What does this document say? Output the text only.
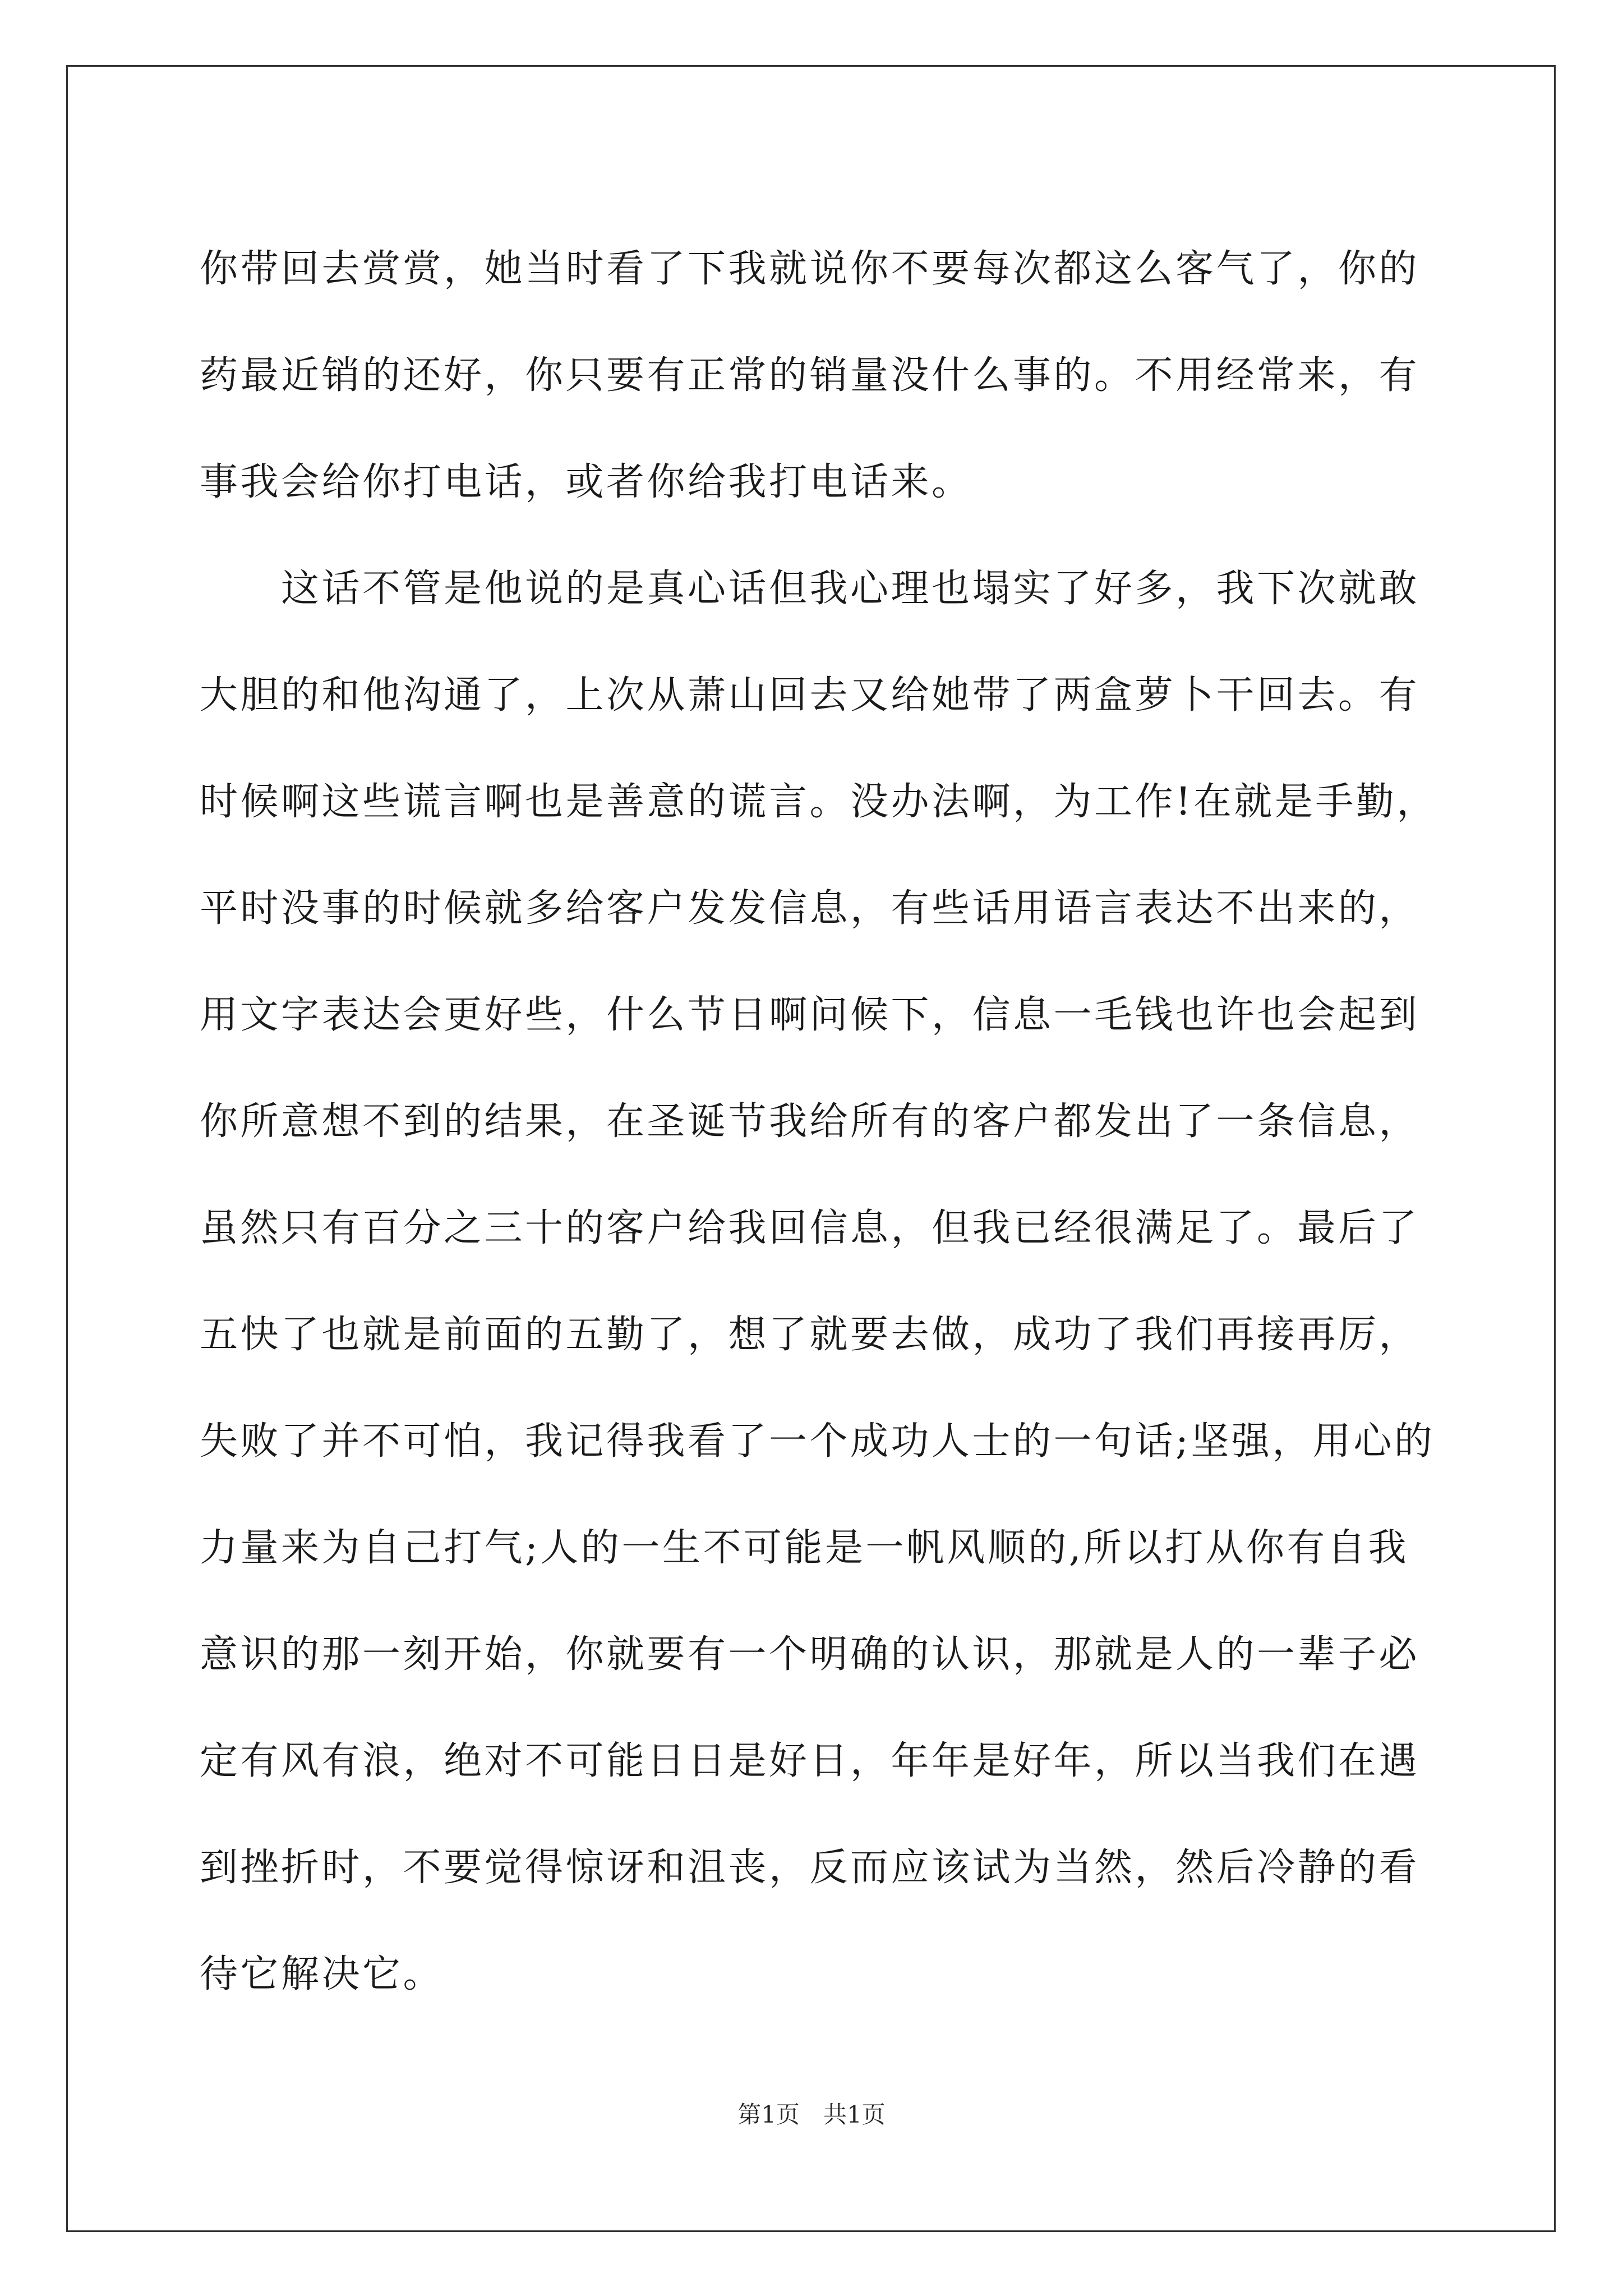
你带回去赏赏，她当时看了下我就说你不要每次都这么客气了，你的
药最近销的还好，你只要有正常的销量没什么事的。不用经常来，有
事我会给你打电话，或者你给我打电话来。
这话不管是他说的是真心话但我心理也塌实了好多，我下次就敢
大胆的和他沟通了，上次从萧山回去又给她带了两盒萝卜干回去。有
时候啊这些谎言啊也是善意的谎言。没办法啊，为工作!在就是手勤，
平时没事的时候就多给客户发发信息，有些话用语言表达不出来的，
用文字表达会更好些，什么节日啊问候下，信息一毛钱也许也会起到
你所意想不到的结果，在圣诞节我给所有的客户都发出了一条信息，
虽然只有百分之三十的客户给我回信息，但我已经很满足了。最后了
五快了也就是前面的五勤了，想了就要去做，成功了我们再接再厉，
失败了并不可怕，我记得我看了一个成功人士的一句话;坚强，用心的
力量来为自己打气;人的一生不可能是一帆风顺的,所以打从你有自我
意识的那一刻开始，你就要有一个明确的认识，那就是人的一辈子必
定有风有浪，绝对不可能日日是好日，年年是好年，所以当我们在遇
到挫折时，不要觉得惊讶和沮丧，反而应该试为当然，然后冷静的看
待它解决它。
第1页　共1页
